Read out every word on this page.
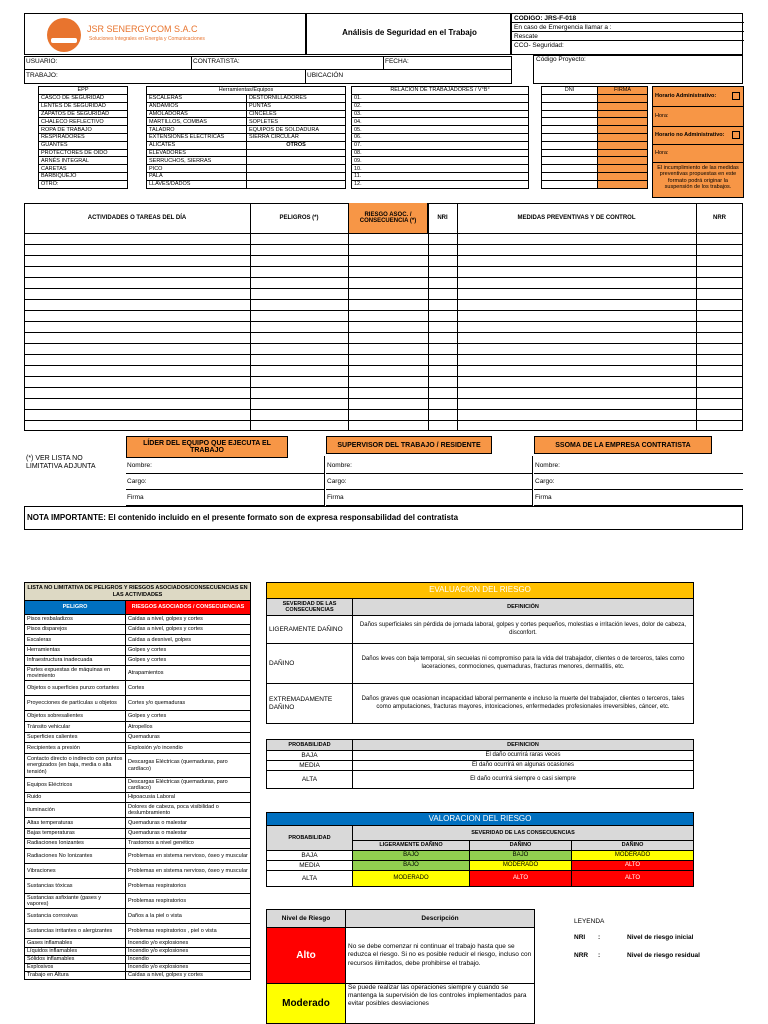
JSR SENERGYCOM S.A.C
Soluciones Integrales en Energía y Comunicaciones
Análisis de Seguridad en el Trabajo
CODIGO: JRS-F-018
En caso de Emergencia llamar a :
Rescate
CCO- Seguridad:
USUARIO:	CONTRATISTA:	FECHA:
TRABAJO:	UBICACIÓN
Código Proyecto:
EPP
CASCO DE SEGURIDAD
LENTES DE SEGURIDAD
ZAPATOS DE SEGURIDAD
CHALECO REFLECTIVO
ROPA DE TRABAJO
RESPIRADORES
GUANTES
PROTECTORES DE OIDO
ARNÉS INTEGRAL
CARETAS
BARBIQUEJO
OTRO:
Herramientas/Equipos	
ESCALERAS	DESTORNILLADORES
ANDAMIOS	PUNTAS
AMOLADORAS	CINCELES
MARTILLOS, COMBAS	SOPLETES
TALADRO	EQUIPOS DE SOLDADURA
EXTENSIONES ELÉCTRICAS	SIERRA CIRCULAR
ALICATES	OTROS
ELEVADORES	
SERRUCHOS, SIERRAS	
PICO	
PALA	
LLAVES/DADOS	
RELACION DE TRABAJADORES / V°B°
01.
02.
03.
04.
05.
06.
07.
08.
09.
10.
11.
12.
DNI	FIRMA

Horario Administrativo:
Hora:
Horario no Administrativo:
Hora:
El incumplimiento de las medidas preventivas propuestas en este formato podrá originar la suspensión de los trabajos.
ACTIVIDADES O TAREAS DEL DÍA	PELIGROS (*)	RIESGO ASOC. / CONSECUENCIA (*)	NRI	MEDIDAS PREVENTIVAS Y DE CONTROL	NRR
(*) VER LISTA NO LIMITATIVA ADJUNTA
LÍDER DEL EQUIPO QUE EJECUTA EL TRABAJO
Nombre:
Cargo:
Firma
SUPERVISOR DEL TRABAJO / RESIDENTE
Nombre:
Cargo:
Firma
SSOMA DE LA EMPRESA CONTRATISTA
Nombre:
Cargo:
Firma
NOTA IMPORTANTE: El contenido incluido en el presente formato son de expresa responsabilidad del contratista
LISTA NO LIMITATIVA DE PELIGROS Y RIESGOS ASOCIADOS/CONSECUENCIAS EN LAS ACTIVIDADES	
PELIGRO	RIESGOS ASOCIADOS / CONSECUENCIAS
Pisos resbaladizos	Caídas a nivel, golpes y cortes
Pisos disparejos	Caídas a nivel, golpes y cortes
Escaleras	Caídas a desnivel, golpes
Herramientas	Golpes y cortes
Infraestructura inadecuada	Golpes y cortes
Partes expuestas de máquinas en movimiento	Atrapamientos
Objetos o superficies punzo cortantes	Cortes
Proyecciones de partículas u objetos	Cortes y/o quemaduras
Objetos sobresalientes	Golpes y cortes
Tránsito vehicular	Atropellos
Superficies calientes	Quemaduras
Recipientes a presión	Explosión y/o incendio
Contacto directo o indirecto con puntos energizados (en baja, media o alta tensión)	Descargas Eléctricas (quemaduras, paro cardíaco)
Equipos Eléctricos	Descargas Eléctricas (quemaduras, paro cardíaco)
Ruido	Hipoacusia Laboral
Iluminación	Dolores de cabeza, poca visibilidad o deslumbramiento
Altas temperaturas	Quemaduras o malestar
Bajas temperaturas	Quemaduras o malestar
Radiaciones Ionizantes	Trastornos a nivel genético
Radiaciones No Ionizantes	Problemas en sistema nervioso, óseo y muscular
Vibraciones	Problemas en sistema nervioso, óseo y muscular
Sustancias tóxicas	Problemas respiratorios
Sustancias asfixiante (gases y vapores)	Problemas respiratorios
Sustancia corrosivas	Daños a la piel o vista
Sustancias irritantes o alergizantes	Problemas respiratorios , piel o vista
Gases inflamables	Incendio y/o explosiones
Líquidos inflamables	Incendio y/o explosiones
Sólidos inflamables	Incendio
Explosivos	Incendio y/o explosiones
Trabajo en Altura	Caídas a nivel, golpes y cortes
EVALUACION DEL RIESGO	
SEVERIDAD DE LAS CONSECUENCIAS	DEFINICIÓN
LIGERAMENTE DAÑINO	Daños superficiales sin pérdida de jornada laboral, golpes y cortes pequeños, molestias e irritación leves, dolor de cabeza, disconfort.
DAÑINO	Daños leves con baja temporal, sin secuelas ni compromiso para la vida del trabajador, clientes o de terceros, tales como laceraciones, conmociones, quemaduras, fracturas menores, dermatitis, etc.
EXTREMADAMENTE DAÑINO	Daños graves que ocasionan incapacidad laboral permanente e incluso la muerte del trabajador, clientes o terceros, tales como amputaciones, fracturas mayores, intoxicaciones, enfermedades profesionales irreversibles, cáncer, etc.
PROBABILIDAD	DEFINICION
BAJA	El daño ocurrirá raras veces
MEDIA	El daño ocurrirá en algunas ocasiones
ALTA	El daño ocurrirá siempre o casi siempre
VALORACION DEL RIESGO			
PROBABILIDAD	SEVERIDAD DE LAS CONSECUENCIAS		
	LIGERAMENTE DAÑINO	DAÑINO	DAÑINO
BAJA	BAJO	BAJO	MODERADO
MEDIA	BAJO	MODERADO	ALTO
ALTA	MODERADO	ALTO	ALTO
Nivel de Riesgo	Descripción
Alto	No se debe comenzar ni continuar el trabajo hasta que se reduzca el riesgo. Si no es posible reducir el riesgo, incluso con recursos ilimitados, debe prohibirse el trabajo.
Moderado	Se puede realizar las operaciones siempre y cuando se mantenga la supervisión de los controles implementados para evitar posibles desviaciones
LEYENDA
NRI :	Nivel de riesgo inicial
NRR :	Nivel de riesgo residual
